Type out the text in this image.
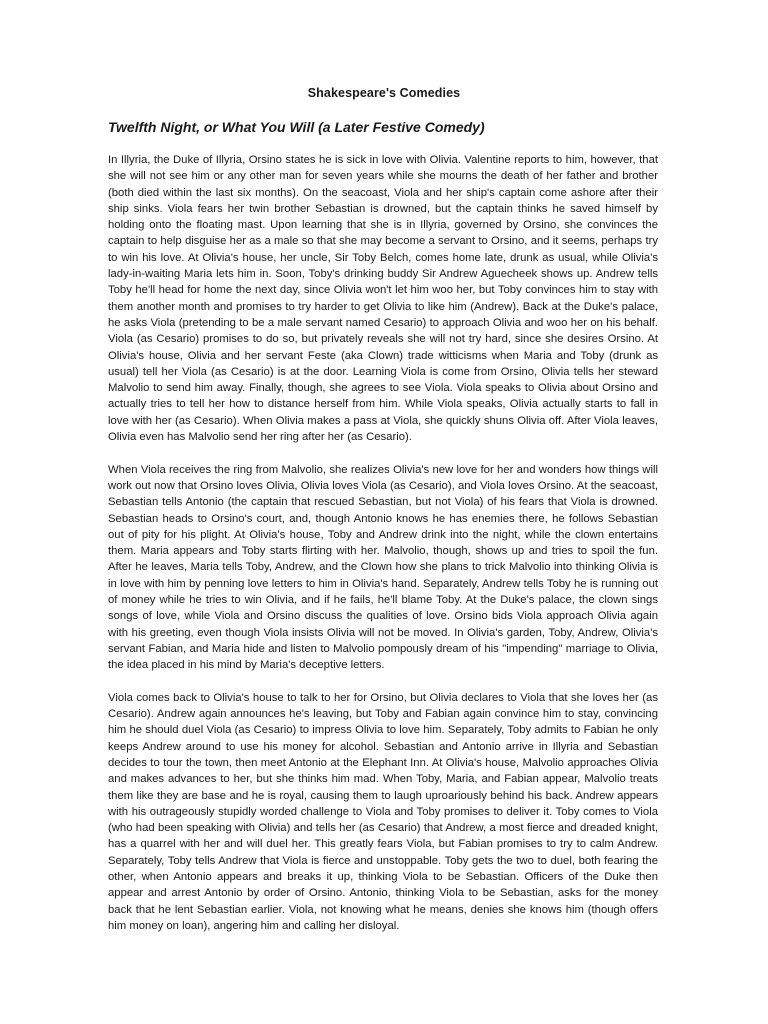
Shakespeare's Comedies
Twelfth Night, or What You Will (a Later Festive Comedy)

In Illyria, the Duke of Illyria, Orsino states he is sick in love with Olivia. Valentine reports to him, however, that she will not see him or any other man for seven years while she mourns the death of her father and brother (both died within the last six months). On the seacoast, Viola and her ship's captain come ashore after their ship sinks. Viola fears her twin brother Sebastian is drowned, but the captain thinks he saved himself by holding onto the floating mast. Upon learning that she is in Illyria, governed by Orsino, she convinces the captain to help disguise her as a male so that she may become a servant to Orsino, and it seems, perhaps try to win his love. At Olivia's house, her uncle, Sir Toby Belch, comes home late, drunk as usual, while Olivia's lady-in-waiting Maria lets him in. Soon, Toby's drinking buddy Sir Andrew Aguecheek shows up. Andrew tells Toby he'll head for home the next day, since Olivia won't let him woo her, but Toby convinces him to stay with them another month and promises to try harder to get Olivia to like him (Andrew). Back at the Duke's palace, he asks Viola (pretending to be a male servant named Cesario) to approach Olivia and woo her on his behalf. Viola (as Cesario) promises to do so, but privately reveals she will not try hard, since she desires Orsino. At Olivia's house, Olivia and her servant Feste (aka Clown) trade witticisms when Maria and Toby (drunk as usual) tell her Viola (as Cesario) is at the door. Learning Viola is come from Orsino, Olivia tells her steward Malvolio to send him away. Finally, though, she agrees to see Viola. Viola speaks to Olivia about Orsino and actually tries to tell her how to distance herself from him. While Viola speaks, Olivia actually starts to fall in love with her (as Cesario). When Olivia makes a pass at Viola, she quickly shuns Olivia off. After Viola leaves, Olivia even has Malvolio send her ring after her (as Cesario).

When Viola receives the ring from Malvolio, she realizes Olivia's new love for her and wonders how things will work out now that Orsino loves Olivia, Olivia loves Viola (as Cesario), and Viola loves Orsino. At the seacoast, Sebastian tells Antonio (the captain that rescued Sebastian, but not Viola) of his fears that Viola is drowned. Sebastian heads to Orsino's court, and, though Antonio knows he has enemies there, he follows Sebastian out of pity for his plight. At Olivia's house, Toby and Andrew drink into the night, while the clown entertains them. Maria appears and Toby starts flirting with her. Malvolio, though, shows up and tries to spoil the fun. After he leaves, Maria tells Toby, Andrew, and the Clown how she plans to trick Malvolio into thinking Olivia is in love with him by penning love letters to him in Olivia's hand. Separately, Andrew tells Toby he is running out of money while he tries to win Olivia, and if he fails, he'll blame Toby. At the Duke's palace, the clown sings songs of love, while Viola and Orsino discuss the qualities of love. Orsino bids Viola approach Olivia again with his greeting, even though Viola insists Olivia will not be moved. In Olivia's garden, Toby, Andrew, Olivia's servant Fabian, and Maria hide and listen to Malvolio pompously dream of his "impending" marriage to Olivia, the idea placed in his mind by Maria's deceptive letters.

Viola comes back to Olivia's house to talk to her for Orsino, but Olivia declares to Viola that she loves her (as Cesario). Andrew again announces he's leaving, but Toby and Fabian again convince him to stay, convincing him he should duel Viola (as Cesario) to impress Olivia to love him. Separately, Toby admits to Fabian he only keeps Andrew around to use his money for alcohol. Sebastian and Antonio arrive in Illyria and Sebastian decides to tour the town, then meet Antonio at the Elephant Inn. At Olivia's house, Malvolio approaches Olivia and makes advances to her, but she thinks him mad. When Toby, Maria, and Fabian appear, Malvolio treats them like they are base and he is royal, causing them to laugh uproariously behind his back. Andrew appears with his outrageously stupidly worded challenge to Viola and Toby promises to deliver it. Toby comes to Viola (who had been speaking with Olivia) and tells her (as Cesario) that Andrew, a most fierce and dreaded knight, has a quarrel with her and will duel her. This greatly fears Viola, but Fabian promises to try to calm Andrew. Separately, Toby tells Andrew that Viola is fierce and unstoppable. Toby gets the two to duel, both fearing the other, when Antonio appears and breaks it up, thinking Viola to be Sebastian. Officers of the Duke then appear and arrest Antonio by order of Orsino. Antonio, thinking Viola to be Sebastian, asks for the money back that he lent Sebastian earlier. Viola, not knowing what he means, denies she knows him (though offers him money on loan), angering him and calling her disloyal.
